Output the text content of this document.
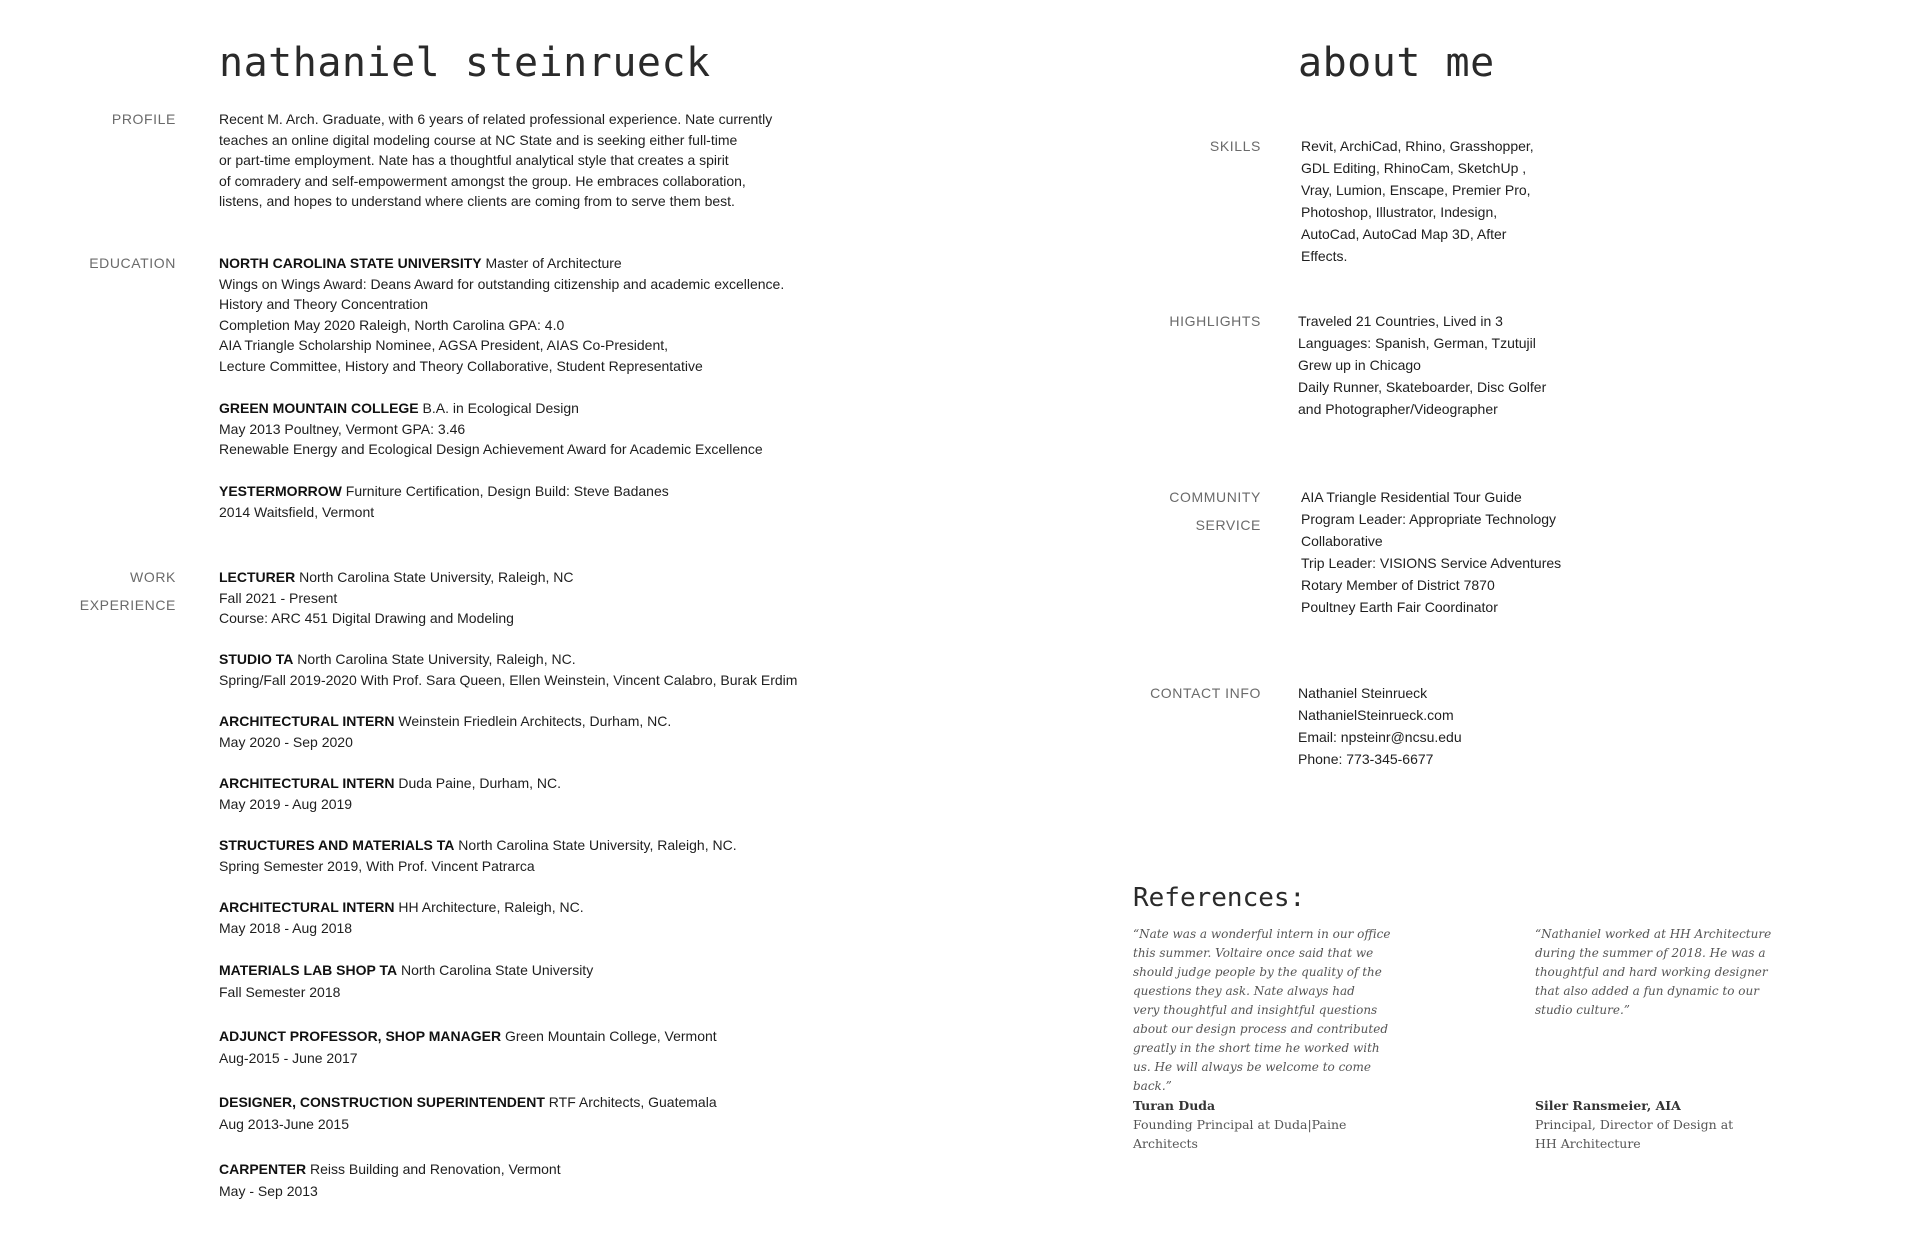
nathaniel steinrueck
PROFILE	Recent M. Arch. Graduate, with 6 years of related professional experience. Nate currently
teaches an online digital modeling course at NC State and is seeking either full-time
or part-time employment. Nate has a thoughtful analytical style that creates a spirit
of comradery and self-empowerment amongst the group. He embraces collaboration,
listens, and hopes to understand where clients are coming from to serve them best.
EDUCATION	NORTH CAROLINA STATE UNIVERSITY Master of Architecture
Wings on Wings Award: Deans Award for outstanding citizenship and academic excellence.
History and Theory Concentration
Completion May 2020 Raleigh, North Carolina GPA: 4.0
AIA Triangle Scholarship Nominee, AGSA President, AIAS Co-President,
Lecture Committee, History and Theory Collaborative, Student Representative
GREEN MOUNTAIN COLLEGE B.A. in Ecological Design
May 2013 Poultney, Vermont GPA: 3.46
Renewable Energy and Ecological Design Achievement Award for Academic Excellence
YESTERMORROW Furniture Certification, Design Build: Steve Badanes
2014 Waitsfield, Vermont
WORK
EXPERIENCE
LECTURER North Carolina State University, Raleigh, NC
Fall 2021 - Present
Course: ARC 451 Digital Drawing and Modeling
STUDIO TA North Carolina State University, Raleigh, NC.
Spring/Fall 2019-2020 With Prof. Sara Queen, Ellen Weinstein, Vincent Calabro, Burak Erdim
ARCHITECTURAL INTERN Weinstein Friedlein Architects, Durham, NC.
May 2020 - Sep 2020
ARCHITECTURAL INTERN Duda Paine, Durham, NC.
May 2019 - Aug 2019
STRUCTURES AND MATERIALS TA North Carolina State University, Raleigh, NC.
Spring Semester 2019, With Prof. Vincent Patrarca
ARCHITECTURAL INTERN HH Architecture, Raleigh, NC.
May 2018 - Aug 2018
MATERIALS LAB SHOP TA North Carolina State University
Fall Semester 2018
ADJUNCT PROFESSOR, SHOP MANAGER Green Mountain College, Vermont
Aug-2015 - June 2017
DESIGNER, CONSTRUCTION SUPERINTENDENT RTF Architects, Guatemala
Aug 2013-June 2015
CARPENTER Reiss Building and Renovation, Vermont
May - Sep 2013
about me
SKILLS	Revit, ArchiCad, Rhino, Grasshopper,
GDL Editing, RhinoCam, SketchUp ,
Vray, Lumion, Enscape, Premier Pro,
Photoshop, Illustrator, Indesign,
AutoCad, AutoCad Map 3D, After
Effects.
HIGHLIGHTS	Traveled 21 Countries, Lived in 3
Languages: Spanish, German, Tzutujil
Grew up in Chicago
Daily Runner, Skateboarder, Disc Golfer
and Photographer/Videographer
COMMUNITY
SERVICE
AIA Triangle Residential Tour Guide
Program Leader: Appropriate Technology
Collaborative
Trip Leader: VISIONS Service Adventures
Rotary Member of District 7870
Poultney Earth Fair Coordinator
CONTACT INFO	Nathaniel Steinrueck
NathanielSteinrueck.com
Email: npsteinr@ncsu.edu
Phone: 773-345-6677
References:
“Nate was a wonderful intern in our office
this summer. Voltaire once said that we
should judge people by the quality of the
questions they ask. Nate always had
very thoughtful and insightful questions
about our design process and contributed
greatly in the short time he worked with
us. He will always be welcome to come
back.”
Turan Duda
Founding Principal at Duda|Paine
Architects
“Nathaniel worked at HH Architecture
during the summer of 2018. He was a
thoughtful and hard working designer
that also added a fun dynamic to our
studio culture.”
Siler Ransmeier, AIA
Principal, Director of Design at
HH Architecture
